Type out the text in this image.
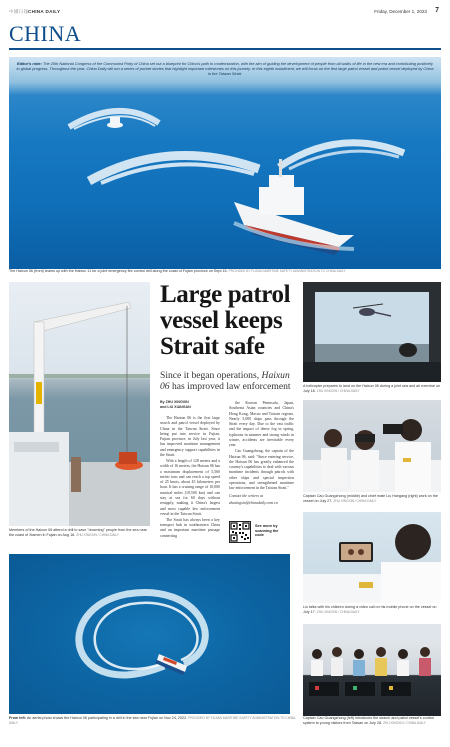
中國日報 CHINA DAILY	Friday, December 1, 2023 7
CHINA
Editor's note: The 20th National Congress of the Communist Party of China set out a blueprint for China's path to modernization, with the aim of guiding the development of people from all walks of life in the new era and contributing positively to global progress. Throughout the year, China Daily will run a series of pocket stories that highlight important milestones on this journey. In this eighth installment, we will focus on the first large patrol vessel and patrol vessel deployed by China in the Taiwan Strait.
The Haixun 06 (front) teams up with the Haixun 11 for a joint emergency fire control drill along the coast of Fujian province on Sept 15. PROVIDED BY FUJIAN MARITIME SAFETY ADMINISTRATION TO CHINA DAILY
Members of the Haixun 06 attend a drill to save "drowning" people from the sea near the coast of Xiamen in Fujian on Aug 16. ZHU XINGXIN / CHINA DAILY
Large patrol vessel keeps Strait safe
Since it began operations, Haixun 06 has improved law enforcement
By ZHU XINGXIN
and LIU XIANGAN

The Haixun 06 is the first large search and patrol vessel deployed by China in the Taiwan Strait. Since being put into service in Fujian, Fujian province, in July last year, it has improved maritime management and emergency support capabilities in the Strait.

With a length of 128 meters and a width of 16 meters, the Haixun 06 has a maximum displacement of 5,560 metric tons and can reach a top speed of 25 knots, about 45 kilometers per hour. It has a cruising range of 10,000 nautical miles (18,500 km) and can stay at sea for 60 days without resupply, making it China's largest and most capable law enforcement vessel in the Taiwan Strait.

The Strait has always been a key transport hub in southeastern China and an important maritime passage connecting

the Korean Peninsula, Japan, Southeast Asian countries and China's Hong Kong, Macao and Taiwan regions. Nearly 5,000 ships pass through the Strait every day. Due to the vast traffic and the impact of dense fog in spring, typhoons in summer and strong winds in winter, accidents are inevitable every year.

Cao Guangzhong, the captain of the Haixun 06, said: "Since entering service, the Haixun 06 has greatly enhanced the country's capabilities to deal with various maritime incidents through patrols with other ships and special inspection operations, and strengthened maritime law enforcement in the Taiwan Strait."

Contact the writers at

zhuxingxin@chinadaily.com.cn

See more by scanning the code
A helicopter prepares to land on the Haixun 06 during a joint sea and air exercise on July 18. ZHU XINGXIN / CHINA DAILY
Captain Cao Guangzhong (middle) and chief mate Liu Hangang (right) work on the vessel on July 27. ZHU XINGXIN / CHINA DAILY
Liu talks with his children during a video call on his mobile phone on the vessel on July 17. ZHU XINGXIN / CHINA DAILY
From left: An aerial photo shows the Haixun 06 participating in a drill in the sea near Fujian on Nov 24, 2022. PROVIDED BY FUJIAN MARITIME SAFETY ADMINISTRATION TO CHINA DAILY
Captain Cao Guangzhong (left) introduces the search and patrol vessel's control system to young visitors from Taiwan on July 28. ZHU XINGXIN / CHINA DAILY
